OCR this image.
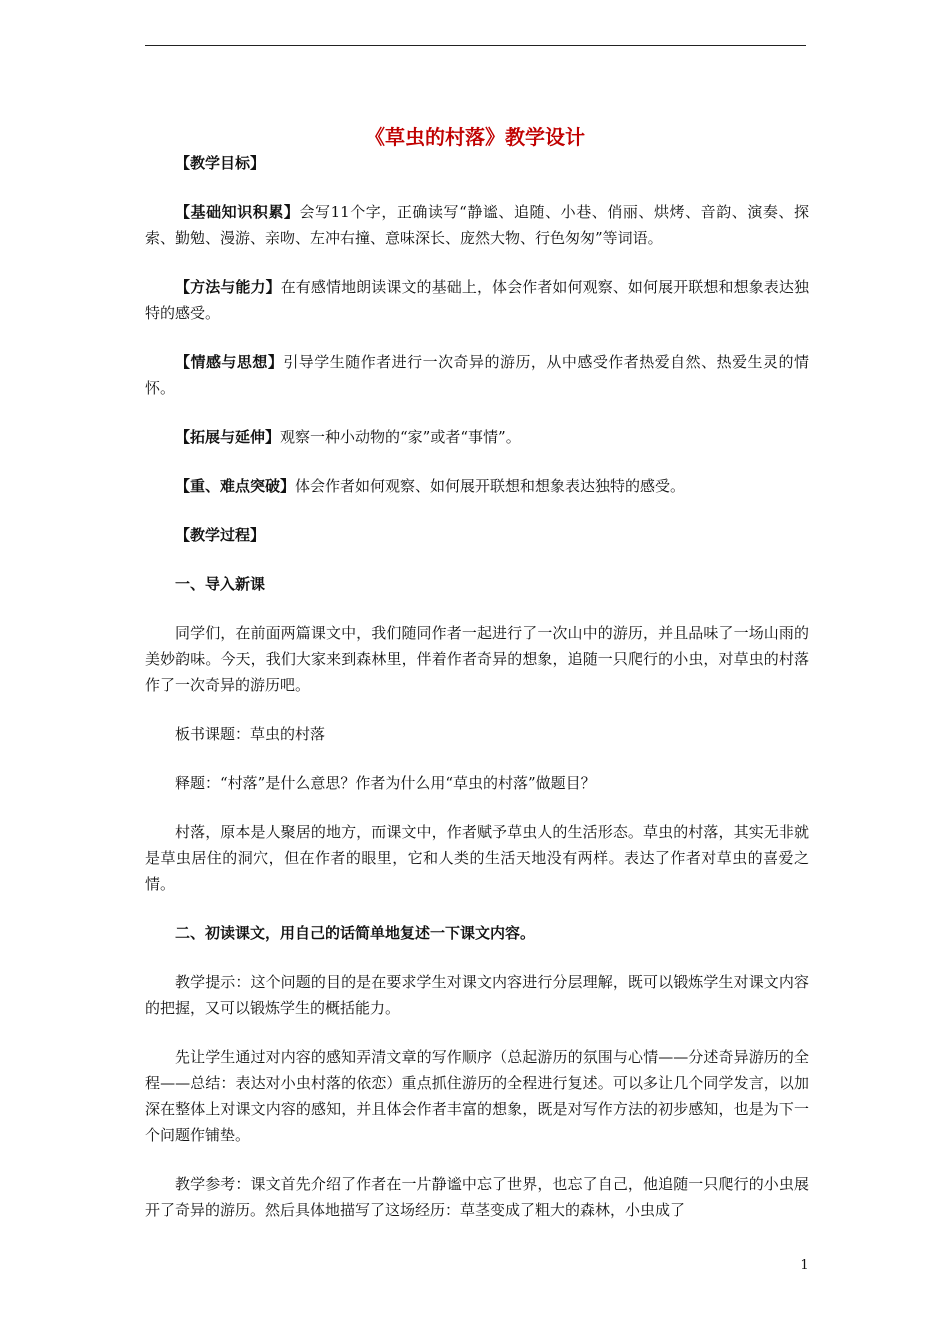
《草虫的村落》教学设计

【教学目标】

【基础知识积累】会写11个字，正确读写“静谧、追随、小巷、俏丽、烘烤、音韵、演奏、探索、勤勉、漫游、亲吻、左冲右撞、意味深长、庞然大物、行色匆匆”等词语。

【方法与能力】在有感情地朗读课文的基础上，体会作者如何观察、如何展开联想和想象表达独特的感受。

【情感与思想】引导学生随作者进行一次奇异的游历，从中感受作者热爱自然、热爱生灵的情怀。

【拓展与延伸】观察一种小动物的“家”或者“事情”。

【重、难点突破】体会作者如何观察、如何展开联想和想象表达独特的感受。

【教学过程】

一、导入新课

同学们，在前面两篇课文中，我们随同作者一起进行了一次山中的游历，并且品味了一场山雨的美妙韵味。今天，我们大家来到森林里，伴着作者奇异的想象，追随一只爬行的小虫，对草虫的村落作了一次奇异的游历吧。

板书课题：草虫的村落

释题：“村落”是什么意思？作者为什么用“草虫的村落”做题目？

村落，原本是人聚居的地方，而课文中，作者赋予草虫人的生活形态。草虫的村落，其实无非就是草虫居住的洞穴，但在作者的眼里，它和人类的生活天地没有两样。表达了作者对草虫的喜爱之情。

二、初读课文，用自己的话简单地复述一下课文内容。

教学提示：这个问题的目的是在要求学生对课文内容进行分层理解，既可以锻炼学生对课文内容的把握，又可以锻炼学生的概括能力。

先让学生通过对内容的感知弄清文章的写作顺序（总起游历的氛围与心情——分述奇异游历的全程——总结：表达对小虫村落的依恋）重点抓住游历的全程进行复述。可以多让几个同学发言，以加深在整体上对课文内容的感知，并且体会作者丰富的想象，既是对写作方法的初步感知，也是为下一个问题作铺垫。

教学参考：课文首先介绍了作者在一片静谧中忘了世界，也忘了自己，他追随一只爬行的小虫展开了奇异的游历。然后具体地描写了这场经历：草茎变成了粗大的森林，小虫成了

1
